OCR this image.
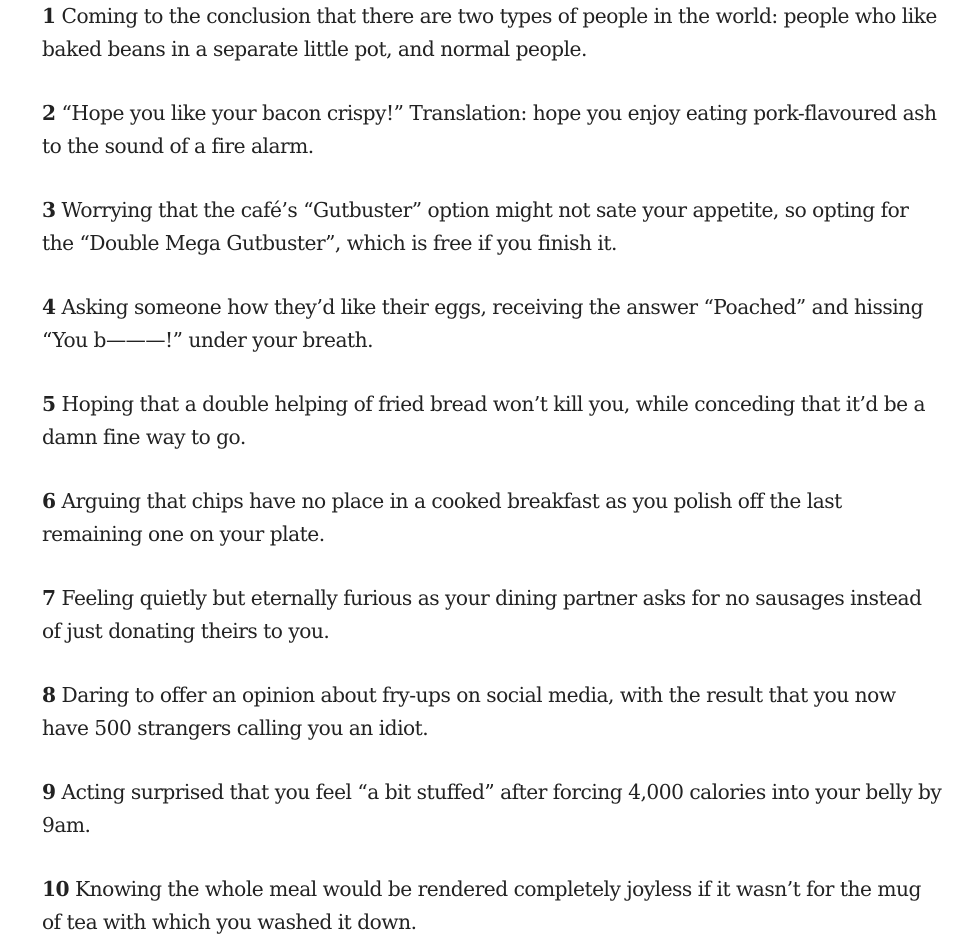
1 Coming to the conclusion that there are two types of people in the world: people who like baked beans in a separate little pot, and normal people.
2 “Hope you like your bacon crispy!” Translation: hope you enjoy eating pork-flavoured ash to the sound of a fire alarm.
3 Worrying that the café’s “Gutbuster” option might not sate your appetite, so opting for the “Double Mega Gutbuster”, which is free if you finish it.
4 Asking someone how they’d like their eggs, receiving the answer “Poached” and hissing “You b———!” under your breath.
5 Hoping that a double helping of fried bread won’t kill you, while conceding that it’d be a damn fine way to go.
6 Arguing that chips have no place in a cooked breakfast as you polish off the last remaining one on your plate.
7 Feeling quietly but eternally furious as your dining partner asks for no sausages instead of just donating theirs to you.
8 Daring to offer an opinion about fry-ups on social media, with the result that you now have 500 strangers calling you an idiot.
9 Acting surprised that you feel “a bit stuffed” after forcing 4,000 calories into your belly by 9am.
10 Knowing the whole meal would be rendered completely joyless if it wasn’t for the mug of tea with which you washed it down.
